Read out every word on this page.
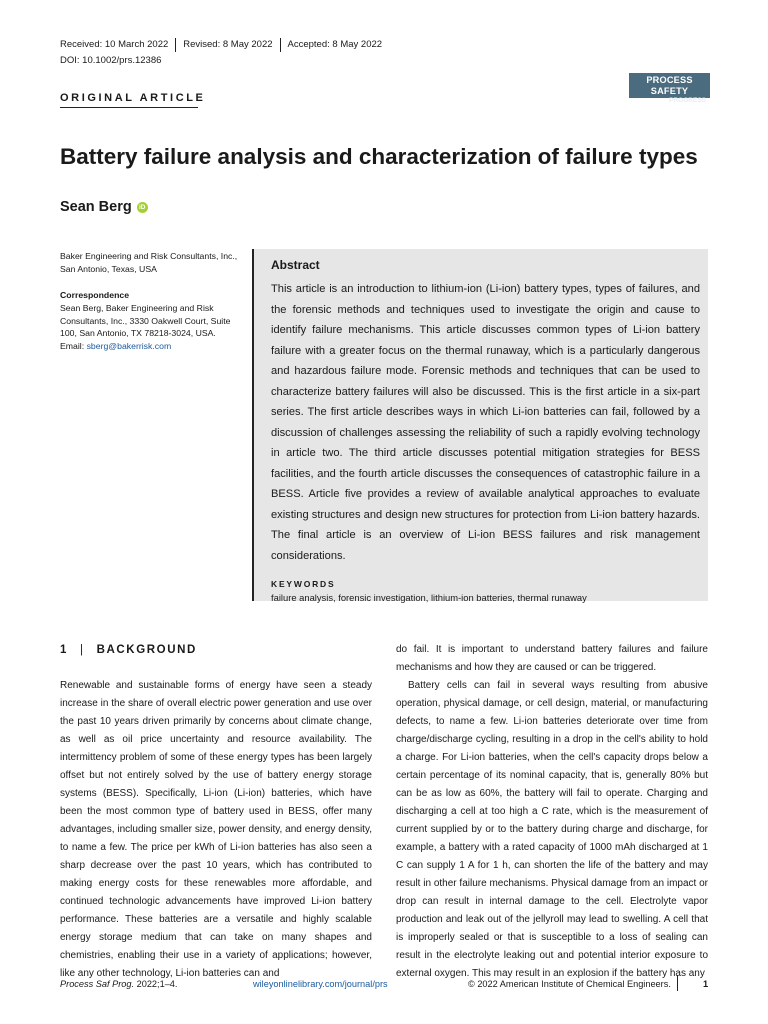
Received: 10 March 2022	Revised: 8 May 2022	Accepted: 8 May 2022
DOI: 10.1002/prs.12386
PROCESS SAFETY
PROGRESS
ORIGINAL ARTICLE
Battery failure analysis and characterization of failure types
Sean Berg	iD
Baker Engineering and Risk Consultants, Inc.,
San Antonio, Texas, USA
Correspondence
Sean Berg, Baker Engineering and Risk Consultants, Inc., 3330 Oakwell Court, Suite 100, San Antonio, TX 78218-3024, USA.
Email: sberg@bakerrisk.com
Abstract
This article is an introduction to lithium-ion (Li-ion) battery types, types of failures, and the forensic methods and techniques used to investigate the origin and cause to identify failure mechanisms. This article discusses common types of Li-ion battery failure with a greater focus on the thermal runaway, which is a particularly dangerous and hazardous failure mode. Forensic methods and techniques that can be used to characterize battery failures will also be discussed. This is the first article in a six-part series. The first article describes ways in which Li-ion batteries can fail, followed by a discussion of challenges assessing the reliability of such a rapidly evolving technology in article two. The third article discusses potential mitigation strategies for BESS facilities, and the fourth article discusses the consequences of catastrophic failure in a BESS. Article five provides a review of available analytical approaches to evaluate existing structures and design new structures for protection from Li-ion battery hazards. The final article is an overview of Li-ion BESS failures and risk management considerations.
KEYWORDS
failure analysis, forensic investigation, lithium-ion batteries, thermal runaway
1 | BACKGROUND

Renewable and sustainable forms of energy have seen a steady increase in the share of overall electric power generation and use over the past 10 years driven primarily by concerns about climate change, as well as oil price uncertainty and resource availability. The intermittency problem of some of these energy types has been largely offset but not entirely solved by the use of battery energy storage systems (BESS). Specifically, Li-ion (Li-ion) batteries, which have been the most common type of battery used in BESS, offer many advantages, including smaller size, power density, and energy density, to name a few. The price per kWh of Li-ion batteries has also seen a sharp decrease over the past 10 years, which has contributed to making energy costs for these renewables more affordable, and continued technologic advancements have improved Li-ion battery performance. These batteries are a versatile and highly scalable energy storage medium that can take on many shapes and chemistries, enabling their use in a variety of applications; however, like any other technology, Li-ion batteries can and

do fail. It is important to understand battery failures and failure mechanisms and how they are caused or can be triggered.

Battery cells can fail in several ways resulting from abusive operation, physical damage, or cell design, material, or manufacturing defects, to name a few. Li-ion batteries deteriorate over time from charge/discharge cycling, resulting in a drop in the cell's ability to hold a charge. For Li-ion batteries, when the cell's capacity drops below a certain percentage of its nominal capacity, that is, generally 80% but can be as low as 60%, the battery will fail to operate. Charging and discharging a cell at too high a C rate, which is the measurement of current supplied by or to the battery during charge and discharge, for example, a battery with a rated capacity of 1000 mAh discharged at 1 C can supply 1 A for 1 h, can shorten the life of the battery and may result in other failure mechanisms. Physical damage from an impact or drop can result in internal damage to the cell. Electrolyte vapor production and leak out of the jellyroll may lead to swelling. A cell that is improperly sealed or that is susceptible to a loss of sealing can result in the electrolyte leaking out and potential interior exposure to external oxygen. This may result in an explosion if the battery has any

Process Saf Prog. 2022;1–4.	wileyonlinelibrary.com/journal/prs	© 2022 American Institute of Chemical Engineers.	1
